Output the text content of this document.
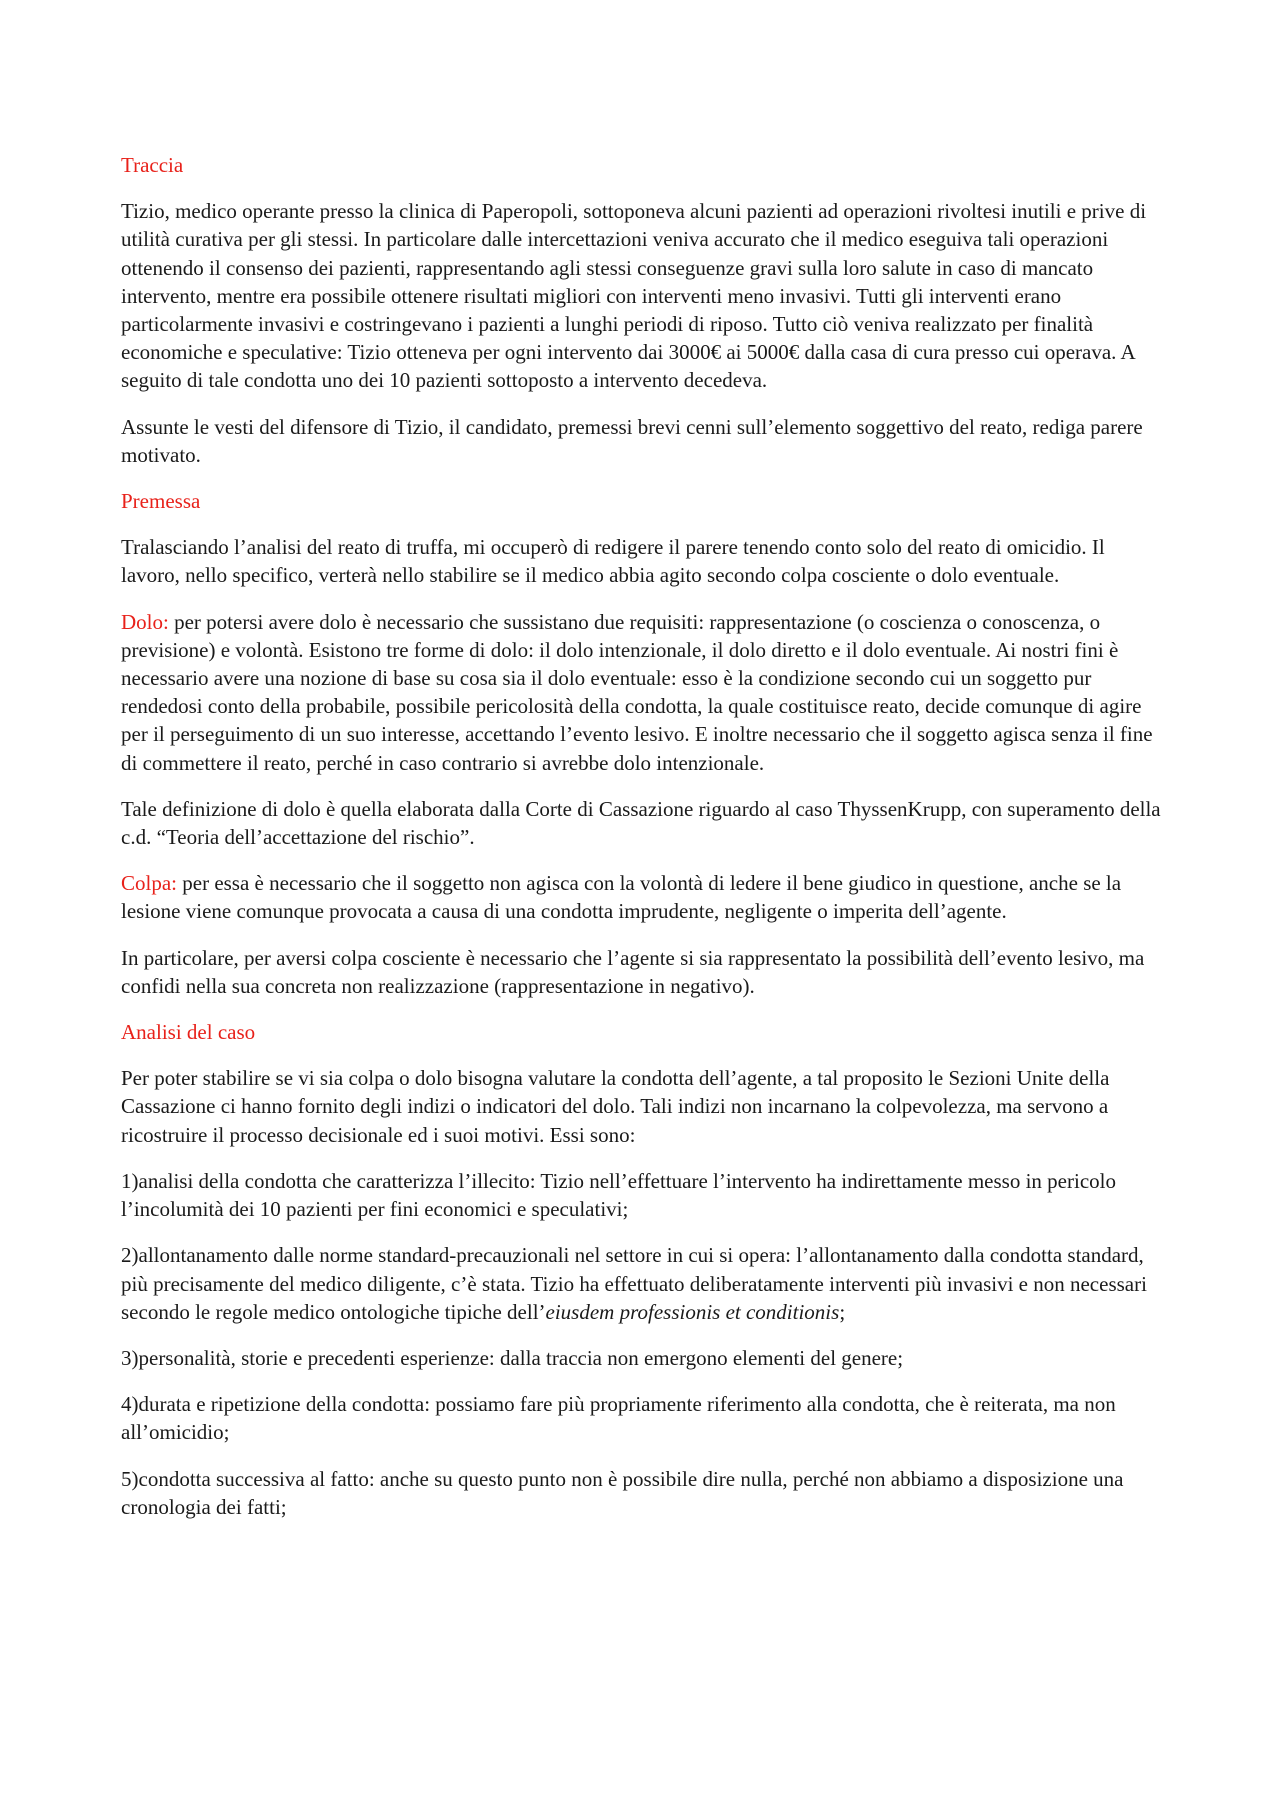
Traccia

Tizio, medico operante presso la clinica di Paperopoli, sottoponeva alcuni pazienti ad operazioni rivoltesi inutili e prive di utilità curativa per gli stessi. In particolare dalle intercettazioni veniva accurato che il medico eseguiva tali operazioni ottenendo il consenso dei pazienti, rappresentando agli stessi conseguenze gravi sulla loro salute in caso di mancato intervento, mentre era possibile ottenere risultati migliori con interventi meno invasivi. Tutti gli interventi erano particolarmente invasivi e costringevano i pazienti a lunghi periodi di riposo. Tutto ciò veniva realizzato per finalità economiche e speculative: Tizio otteneva per ogni intervento dai 3000€ ai 5000€ dalla casa di cura presso cui operava. A seguito di tale condotta uno dei 10 pazienti sottoposto a intervento decedeva.

Assunte le vesti del difensore di Tizio, il candidato, premessi brevi cenni sull’elemento soggettivo del reato, rediga parere motivato.

Premessa

Tralasciando l’analisi del reato di truffa, mi occuperò di redigere il parere tenendo conto solo del reato di omicidio. Il lavoro, nello specifico, verterà nello stabilire se il medico abbia agito secondo colpa cosciente o dolo eventuale.

Dolo: per potersi avere dolo è necessario che sussistano due requisiti: rappresentazione (o coscienza o conoscenza, o previsione) e volontà. Esistono tre forme di dolo: il dolo intenzionale, il dolo diretto e il dolo eventuale. Ai nostri fini è necessario avere una nozione di base su cosa sia il dolo eventuale: esso è la condizione secondo cui un soggetto pur rendedosi conto della probabile, possibile pericolosità della condotta, la quale costituisce reato, decide comunque di agire per il perseguimento di un suo interesse, accettando l’evento lesivo. E inoltre necessario che il soggetto agisca senza il fine di commettere il reato, perché in caso contrario si avrebbe dolo intenzionale.

Tale definizione di dolo è quella elaborata dalla Corte di Cassazione riguardo al caso ThyssenKrupp, con superamento della c.d. “Teoria dell’accettazione del rischio”.

Colpa: per essa è necessario che il soggetto non agisca con la volontà di ledere il bene giudico in questione, anche se la lesione viene comunque provocata a causa di una condotta imprudente, negligente o imperita dell’agente.

In particolare, per aversi colpa cosciente è necessario che l’agente si sia rappresentato la possibilità dell’evento lesivo, ma confidi nella sua concreta non realizzazione (rappresentazione in negativo).

Analisi del caso

Per poter stabilire se vi sia colpa o dolo bisogna valutare la condotta dell’agente, a tal proposito le Sezioni Unite della Cassazione ci hanno fornito degli indizi o indicatori del dolo. Tali indizi non incarnano la colpevolezza, ma servono a ricostruire il processo decisionale ed i suoi motivi. Essi sono:

1)analisi della condotta che caratterizza l’illecito: Tizio nell’effettuare l’intervento ha indirettamente messo in pericolo l’incolumità dei 10 pazienti per fini economici e speculativi;

2)allontanamento dalle norme standard-precauzionali nel settore in cui si opera: l’allontanamento dalla condotta standard, più precisamente del medico diligente, c’è stata. Tizio ha effettuato deliberatamente interventi più invasivi e non necessari secondo le regole medico ontologiche tipiche dell’eiusdem professionis et conditionis;

3)personalità, storie e precedenti esperienze: dalla traccia non emergono elementi del genere;

4)durata e ripetizione della condotta: possiamo fare più propriamente riferimento alla condotta, che è reiterata, ma non all’omicidio;

5)condotta successiva al fatto: anche su questo punto non è possibile dire nulla, perché non abbiamo a disposizione una cronologia dei fatti;
